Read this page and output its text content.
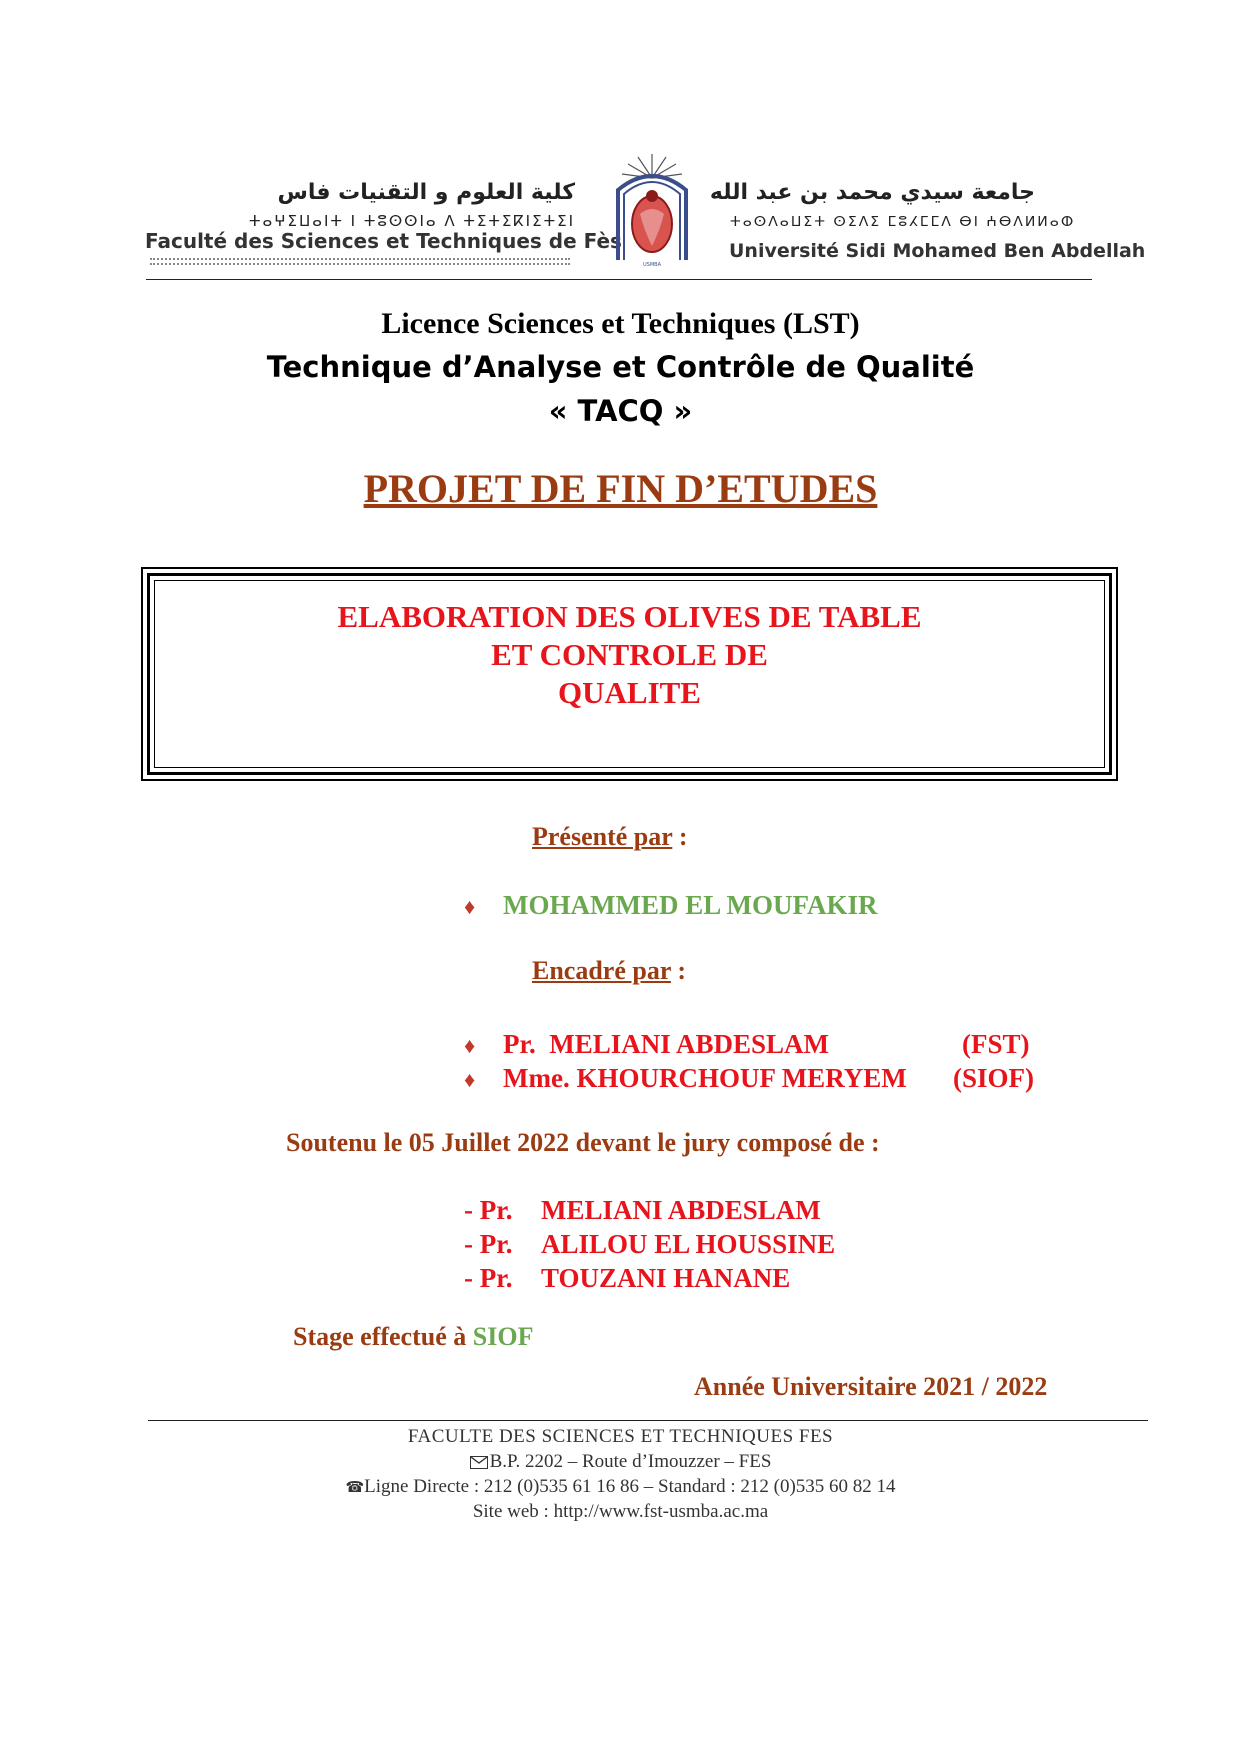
كلية العلوم و التقنيات فاس
ⵜⴰⵖⵉⵡⴰⵏⵜ ⵏ ⵜⵓⵙⵙⵏⴰ ⴷ ⵜⵉⵜⵉⴽⵏⵉⵜⵉⵏ
Faculté des Sciences et Techniques de Fès
USMBA
جامعة سيدي محمد بن عبد الله
ⵜⴰⵙⴷⴰⵡⵉⵜ ⵙⵉⴷⵉ ⵎⵓⵃⵎⵎⴷ ⴱⵏ ⵄⴱⴷⵍⵍⴰⵀ
Université Sidi Mohamed Ben Abdellah
Licence Sciences et Techniques (LST)
Technique d’Analyse et Contrôle de Qualité
« TACQ »
PROJET DE FIN D’ETUDES
ELABORATION DES OLIVES DE TABLE
ET CONTROLE DE
QUALITE
Présenté par :
♦ MOHAMMED EL MOUFAKIR
Encadré par :
♦ Pr.  MELIANI ABDESLAM	(FST)
♦ Mme. KHOURCHOUF MERYEM (SIOF)
Soutenu le 05 Juillet 2022 devant le jury composé de :
- Pr. MELIANI ABDESLAM
- Pr. ALILOU EL HOUSSINE
- Pr. TOUZANI HANANE
Stage effectué à SIOF
Année Universitaire 2021 / 2022
FACULTE DES SCIENCES ET TECHNIQUES FES
B.P. 2202 – Route d’Imouzzer – FES
☎Ligne Directe : 212 (0)535 61 16 86 – Standard : 212 (0)535 60 82 14
Site web : http://www.fst-usmba.ac.ma
